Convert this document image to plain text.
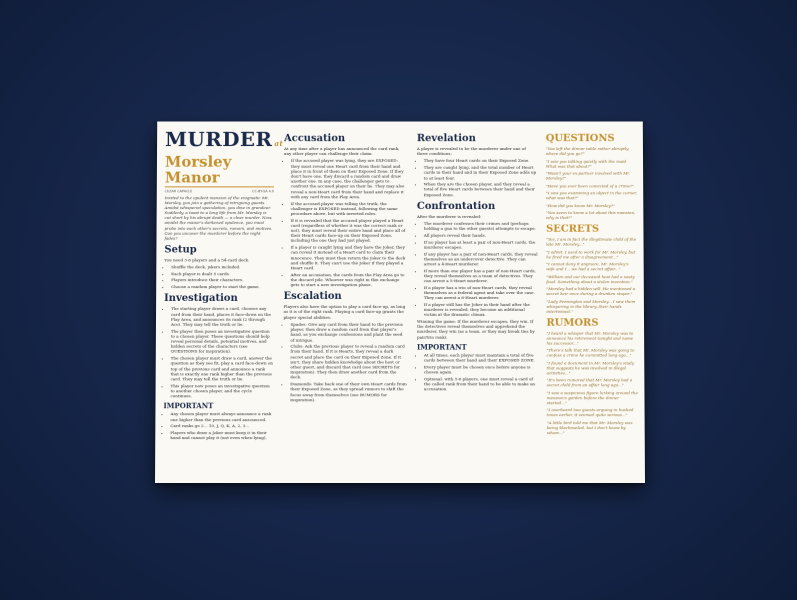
MURDER at
Morsley Manor
CEZAR CAPACLE	CC-BY-SA 4.0

Invited to the opulent mansion of the enigmatic Mr. Morsley, you join a gathering of intriguing guests. Amidst whispered speculation, you dine in grandeur. Suddenly, a toast to a long life from Mr. Morsley is cut short by his abrupt death — a clear murder. Now, amidst the manor's darkened opulence, you must probe into each other's secrets, rumors, and motives. Can you uncover the murderer before the night fades?

Setup

You need 3-6 players and a 54-card deck.

• Shuffle the deck, jokers included.
• Each player is dealt 5 cards.
• Players introduce their characters.
• Choose a random player to start the game.
Investigation
• The starting player draws a card, chooses any card from their hand, places it face-down on the Play Area, and announces its rank (2 through Ace). They may tell the truth or lie.
• The player then poses an investigative question to a chosen player. These questions should help reveal personal details, potential motives, and hidden secrets of the characters (see QUESTIONS for inspiration).
• The chosen player must draw a card, answer the question as they see fit, play a card face-down on top of the previous card and announce a rank that is exactly one rank higher than the previous card. They may tell the truth or lie.
• This player now poses an investigative question to another chosen player, and the cycle continues.
IMPORTANT
• Any chosen player must always announce a rank one higher than the previous card announced.
• Card ranks go 2... 10, J, Q, K, A, 2, 3...
• Players who draw a Joker must keep it in their hand and cannot play it (not even when lying).
Accusation

At any time after a player has announced the card rank, any other player can challenge their claim:

• If the accused player was lying, they are EXPOSED: they must reveal one Heart card from their hand and place it in front of them on their Exposed Zone. If they don't have one, they discard a random card and draw another one. In any case, the challenger gets to confront the accused player on their lie. They may also reveal a non-Heart card from their hand and replace it with any card from the Play Area.
• If the accused player was telling the truth, the challenger is EXPOSED instead, following the same procedure above, but with inverted roles.
• If it is revealed that the accused player played a Heart card (regardless of whether it was the correct rank or not), they must reveal their entire hand and place all of their Heart cards face-up on their Exposed Zone, including the one they had just played.
• If a player is caught lying and they have the Joker, they can reveal it instead of a Heart card to claim their innocence. They must then return the Joker to the deck and shuffle it. They can't use the Joker if they played a Heart card.
• After an accusation, the cards from the Play Area go to the discard pile. Whoever was right in this exchange gets to start a new investigation phase.
Escalation

Players also have the option to play a card face-up, as long as it is of the right rank. Playing a card face-up grants the player special abilities:

• Spades: Give any card from their hand to the previous player, then draw a random card from that player's hand, as you exchange confessions and plant the seed of intrigue.
• Clubs: Ask the previous player to reveal a random card from their hand. If it is Hearts, they reveal a dark secret and place the card on their Exposed Zone. If it isn't, they share hidden knowledge about the host or other guest, and discard that card (see SECRETS for inspiration). They then draw another card from the deck.
• Diamonds: Take back one of their own Heart cards from their Exposed Zone, as they spread rumors to shift the focus away from themselves (see RUMORS for inspiration).
Revelation

A player is revealed to be the murderer under one of three conditions:

• They have four Heart cards on their Exposed Zone.
• They are caught lying, and the total number of Heart cards in their hand and in their Exposed Zone adds up to at least four.
• When they are the chosen player, and they reveal a total of five Heart cards between their hand and their Exposed Zone.
Confrontation

After the murderer is revealed:

• The murderer confesses their crimes and (perhaps holding a gun to the other guests) attempts to escape.
• All players reveal their hands.
• If no player has at least a pair of non-Heart cards, the murderer escapes.
• If any player has a pair of non-Heart cards, they reveal themselves as an undercover detective. They can arrest a 4-Heart murderer.
• If more than one player has a pair of non-Heart cards, they reveal themselves as a team of detectives. They can arrest a 5-Heart murderer.
• If a player has a trio of non-Heart cards, they reveal themselves as a federal agent and take over the case. They can arrest a 6-Heart murderer.
• If a player still has the Joker in their hand after the murderer is revealed, they become an additional victim at the dramatic climax.

Winning the game: If the murderer escapes, they win. If the detectives reveal themselves and apprehend the murderer, they win (as a team, or they may break ties by pair/trio rank).

IMPORTANT
• At all times, each player must maintain a total of five cards between their hand and their EXPOSED ZONE.
• Every player must be chosen once before anyone is chosen again.
• Optional: with 5-6 players, one must reveal a card of the called rank from their hand to be able to make an accusation.
QUESTIONS

"You left the dinner table rather abruptly, where did you go?"

"I saw you talking quietly with the maid. What was that about?"

"Wasn't your ex-partner involved with Mr. Morsley?"

"Have you ever been convicted of a crime?"

"I saw you examining an object in the corner, what was that?"

"How did you know Mr. Morsley?"

"You seem to know a lot about this mansion, why is that?"

SECRETS

"Yes, I am in fact the illegitimate child of the late Mr. Morsley..."

"I admit, I used to work for Mr. Morsley, but he fired me after a disagreement..."

"I cannot deny it anymore, Mr. Morsley's wife and I... we had a secret affair..."

"William and our deceased host had a nasty feud. Something about a stolen invention."

"Morsley had a hidden will. He mentioned a secret heir once during a drunken stupor."

"Lady Pennington and Morsley... I saw them whispering in the library, their hands intertwined."

RUMORS

"I heard a whisper that Mr. Morsley was to announce his retirement tonight and name his successor..."

"There's talk that Mr. Morsley was going to confess a crime he committed long ago..."

"I found a document in Mr. Morsley's study that suggests he was involved in illegal activities..."

"It's been rumored that Mr. Morsley had a secret child from an affair long ago..."

"I saw a suspicious figure lurking around the mansion's garden before the dinner started..."

"I overheard two guests arguing in hushed tones earlier, it seemed quite serious..."

"A little bird told me that Mr. Morsley was being blackmailed, but I don't know by whom..."
